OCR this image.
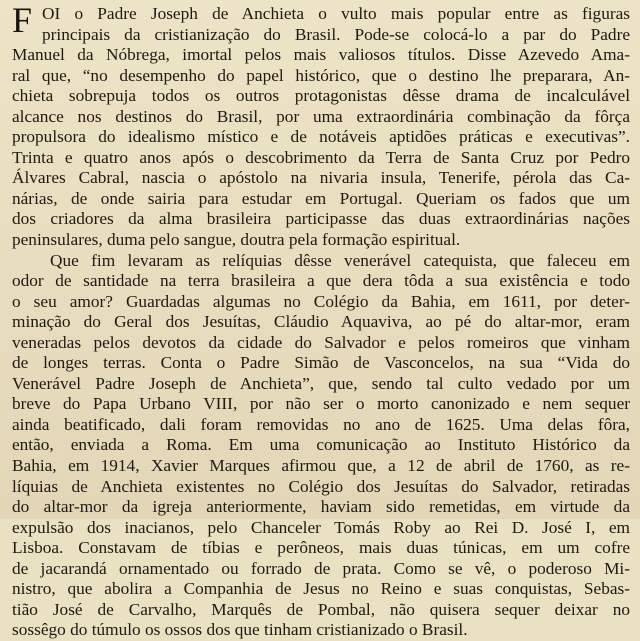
F OI o Padre Joseph de Anchieta o vulto mais popular entre as figuras
principais da cristianização do Brasil. Pode-se colocá-lo a par do Padre
Manuel da Nóbrega, imortal pelos mais valiosos títulos. Disse Azevedo Ama-
ral que, “no desempenho do papel histórico, que o destino lhe preparara, An-
chieta sobrepuja todos os outros protagonistas dêsse drama de incalculável
alcance nos destinos do Brasil, por uma extraordinária combinação da fôrça
propulsora do idealismo místico e de notáveis aptidões práticas e executivas”.
Trinta e quatro anos após o descobrimento da Terra de Santa Cruz por Pedro
Álvares Cabral, nascia o apóstolo na nivaria insula, Tenerife, pérola das Ca-
nárias, de onde sairia para estudar em Portugal. Queriam os fados que um
dos criadores da alma brasileira participasse das duas extraordinárias nações
peninsulares, duma pelo sangue, doutra pela formação espiritual.
Que fim levaram as relíquias dêsse venerável catequista, que faleceu em
odor de santidade na terra brasileira a que dera tôda a sua existência e todo
o seu amor? Guardadas algumas no Colégio da Bahia, em 1611, por deter-
minação do Geral dos Jesuítas, Cláudio Aquaviva, ao pé do altar-mor, eram
veneradas pelos devotos da cidade do Salvador e pelos romeiros que vinham
de longes terras. Conta o Padre Simão de Vasconcelos, na sua “Vida do
Venerável Padre Joseph de Anchieta”, que, sendo tal culto vedado por um
breve do Papa Urbano VIII, por não ser o morto canonizado e nem sequer
ainda beatificado, dali foram removidas no ano de 1625. Uma delas fôra,
então, enviada a Roma. Em uma comunicação ao Instituto Histórico da
Bahia, em 1914, Xavier Marques afirmou que, a 12 de abril de 1760, as re-
líquias de Anchieta existentes no Colégio dos Jesuítas do Salvador, retiradas
do altar-mor da igreja anteriormente, haviam sido remetidas, em virtude da
expulsão dos inacianos, pelo Chanceler Tomás Roby ao Rei D. José I, em
Lisboa. Constavam de tíbias e perôneos, mais duas túnicas, em um cofre
de jacarandá ornamentado ou forrado de prata. Como se vê, o poderoso Mi-
nistro, que abolira a Companhia de Jesus no Reino e suas conquistas, Sebas-
tião José de Carvalho, Marquês de Pombal, não quisera sequer deixar no
sossêgo do túmulo os ossos dos que tinham cristianizado o Brasil.
